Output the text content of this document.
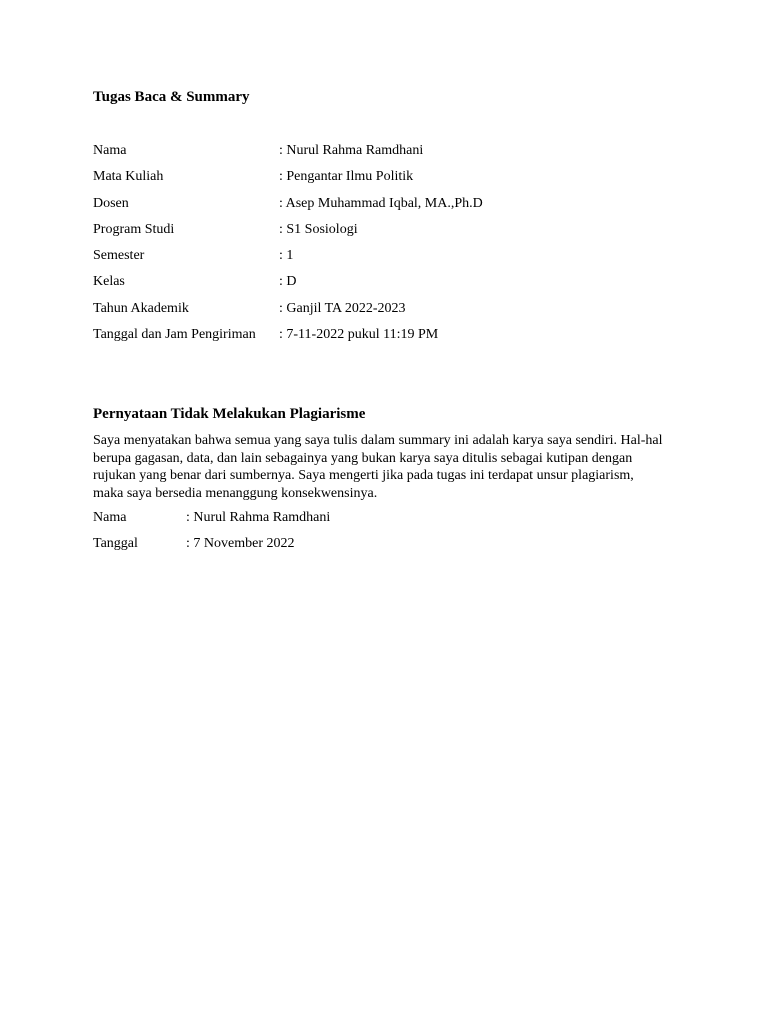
Tugas Baca & Summary
Nama	: Nurul Rahma Ramdhani
Mata Kuliah	: Pengantar Ilmu Politik
Dosen	: Asep Muhammad Iqbal, MA.,Ph.D
Program Studi	: S1 Sosiologi
Semester	: 1
Kelas	: D
Tahun Akademik	: Ganjil TA 2022-2023
Tanggal dan Jam Pengiriman	: 7-11-2022 pukul 11:19 PM
Pernyataan Tidak Melakukan Plagiarisme
Saya menyatakan bahwa semua yang saya tulis dalam summary ini adalah karya saya sendiri. Hal-hal
berupa gagasan, data, dan lain sebagainya yang bukan karya saya ditulis sebagai kutipan dengan
rujukan yang benar dari sumbernya. Saya mengerti jika pada tugas ini terdapat unsur plagiarism,
maka saya bersedia menanggung konsekwensinya.
Nama	: Nurul Rahma Ramdhani
Tanggal	: 7 November 2022
